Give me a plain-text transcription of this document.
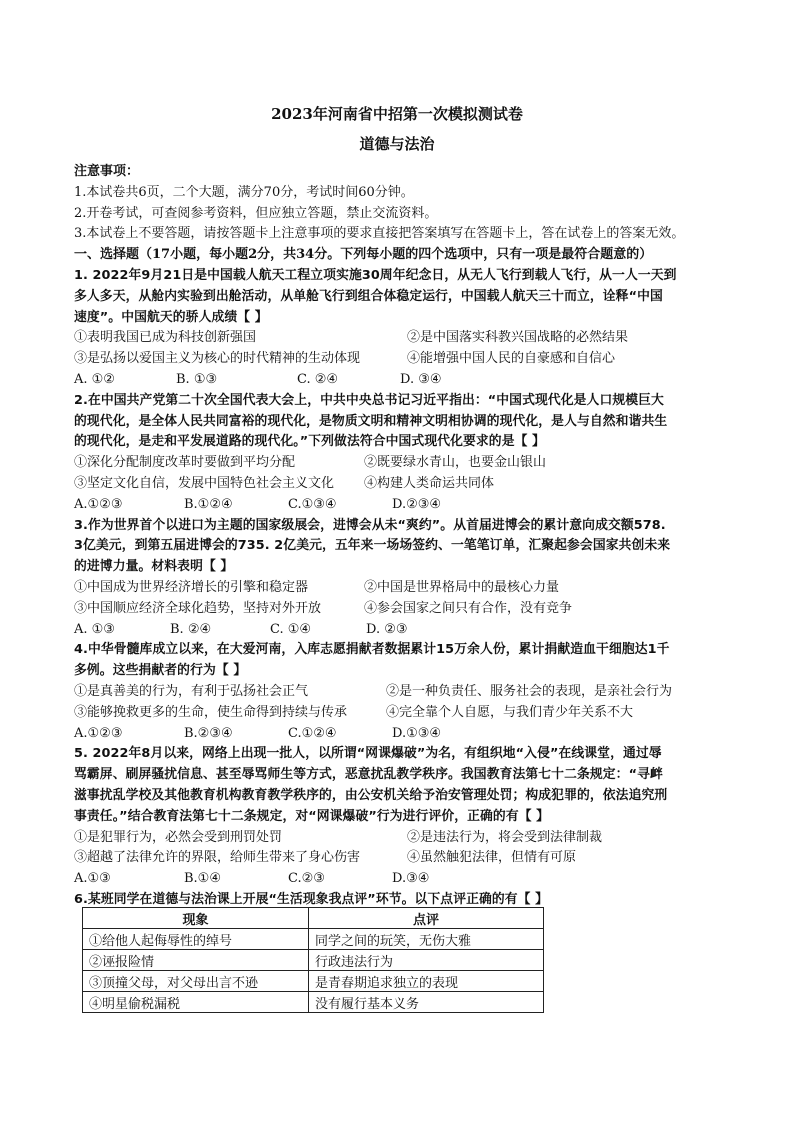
2023年河南省中招第一次模拟测试卷
道德与法治
注意事项：
1.本试卷共6页，二个大题，满分70分，考试时间60分钟。
2.开卷考试，可查阅参考资料，但应独立答题，禁止交流资料。
3.本试卷上不要答题，请按答题卡上注意事项的要求直接把答案填写在答题卡上，答在试卷上的答案无效。
一、选择题（17小题，每小题2分，共34分。下列每小题的四个选项中，只有一项是最符合题意的）
1. 2022年9月21日是中国载人航天工程立项实施30周年纪念日，从无人飞行到载人飞行，从一人一天到
多人多天，从舱内实验到出舱活动，从单舱飞行到组合体稳定运行，中国载人航天三十而立，诠释“中国
速度”。中国航天的骄人成绩【 】
①表明我国已成为科技创新强国	②是中国落实科教兴国战略的必然结果
③是弘扬以爱国主义为核心的时代精神的生动体现	④能增强中国人民的自豪感和自信心
A. ①②	B. ①③	C. ②④	D. ③④
2.在中国共产党第二十次全国代表大会上，中共中央总书记习近平指出：“中国式现代化是人口规模巨大
的现代化，是全体人民共同富裕的现代化，是物质文明和精神文明相协调的现代化，是人与自然和谐共生
的现代化，是走和平发展道路的现代化。”下列做法符合中国式现代化要求的是【 】
①深化分配制度改革时要做到平均分配	②既要绿水青山，也要金山银山
③坚定文化自信，发展中国特色社会主义文化 ④构建人类命运共同体
A.①②③	B.①②④	C.①③④	D.②③④
3.作为世界首个以进口为主题的国家级展会，进博会从未“爽约”。从首届进博会的累计意向成交额578.
3亿美元，到第五届进博会的735. 2亿美元，五年来一场场签约、一笔笔订单，汇聚起参会国家共创未来
的进博力量。材料表明【 】
①中国成为世界经济增长的引擎和稳定器	②中国是世界格局中的最核心力量
③中国顺应经济全球化趋势，坚持对外开放	④参会国家之间只有合作，没有竞争
A. ①③	B. ②④	C. ①④	D. ②③
4.中华骨髓库成立以来，在大爱河南，入库志愿捐献者数据累计15万余人份，累计捐献造血干细胞达1千
多例。这些捐献者的行为【 】
①是真善美的行为，有利于弘扬社会正气	②是一种负责任、服务社会的表现，是亲社会行为
③能够挽救更多的生命，使生命得到持续与传承	④完全靠个人自愿，与我们青少年关系不大
A.①②③	B.②③④	C.①②④	D.①③④
5. 2022年8月以来，网络上出现一批人，以所谓“网课爆破”为名，有组织地“入侵”在线课堂，通过辱
骂霸屏、刷屏骚扰信息、甚至辱骂师生等方式，恶意扰乱教学秩序。我国教育法第七十二条规定：“寻衅
滋事扰乱学校及其他教育机构教育教学秩序的，由公安机关给予治安管理处罚；构成犯罪的，依法追究刑
事责任。”结合教育法第七十二条规定，对“网课爆破”行为进行评价，正确的有【 】
①是犯罪行为，必然会受到刑罚处罚	②是违法行为，将会受到法律制裁
③超越了法律允许的界限，给师生带来了身心伤害	④虽然触犯法律，但情有可原
A.①③	B.①④	C.②③	D.③④
6.某班同学在道德与法治课上开展“生活现象我点评”环节。以下点评正确的有【 】
现象	点评
①给他人起侮辱性的绰号	同学之间的玩笑，无伤大雅
②诬报险情	行政违法行为
③顶撞父母，对父母出言不逊	是青春期追求独立的表现
④明星偷税漏税	没有履行基本义务
